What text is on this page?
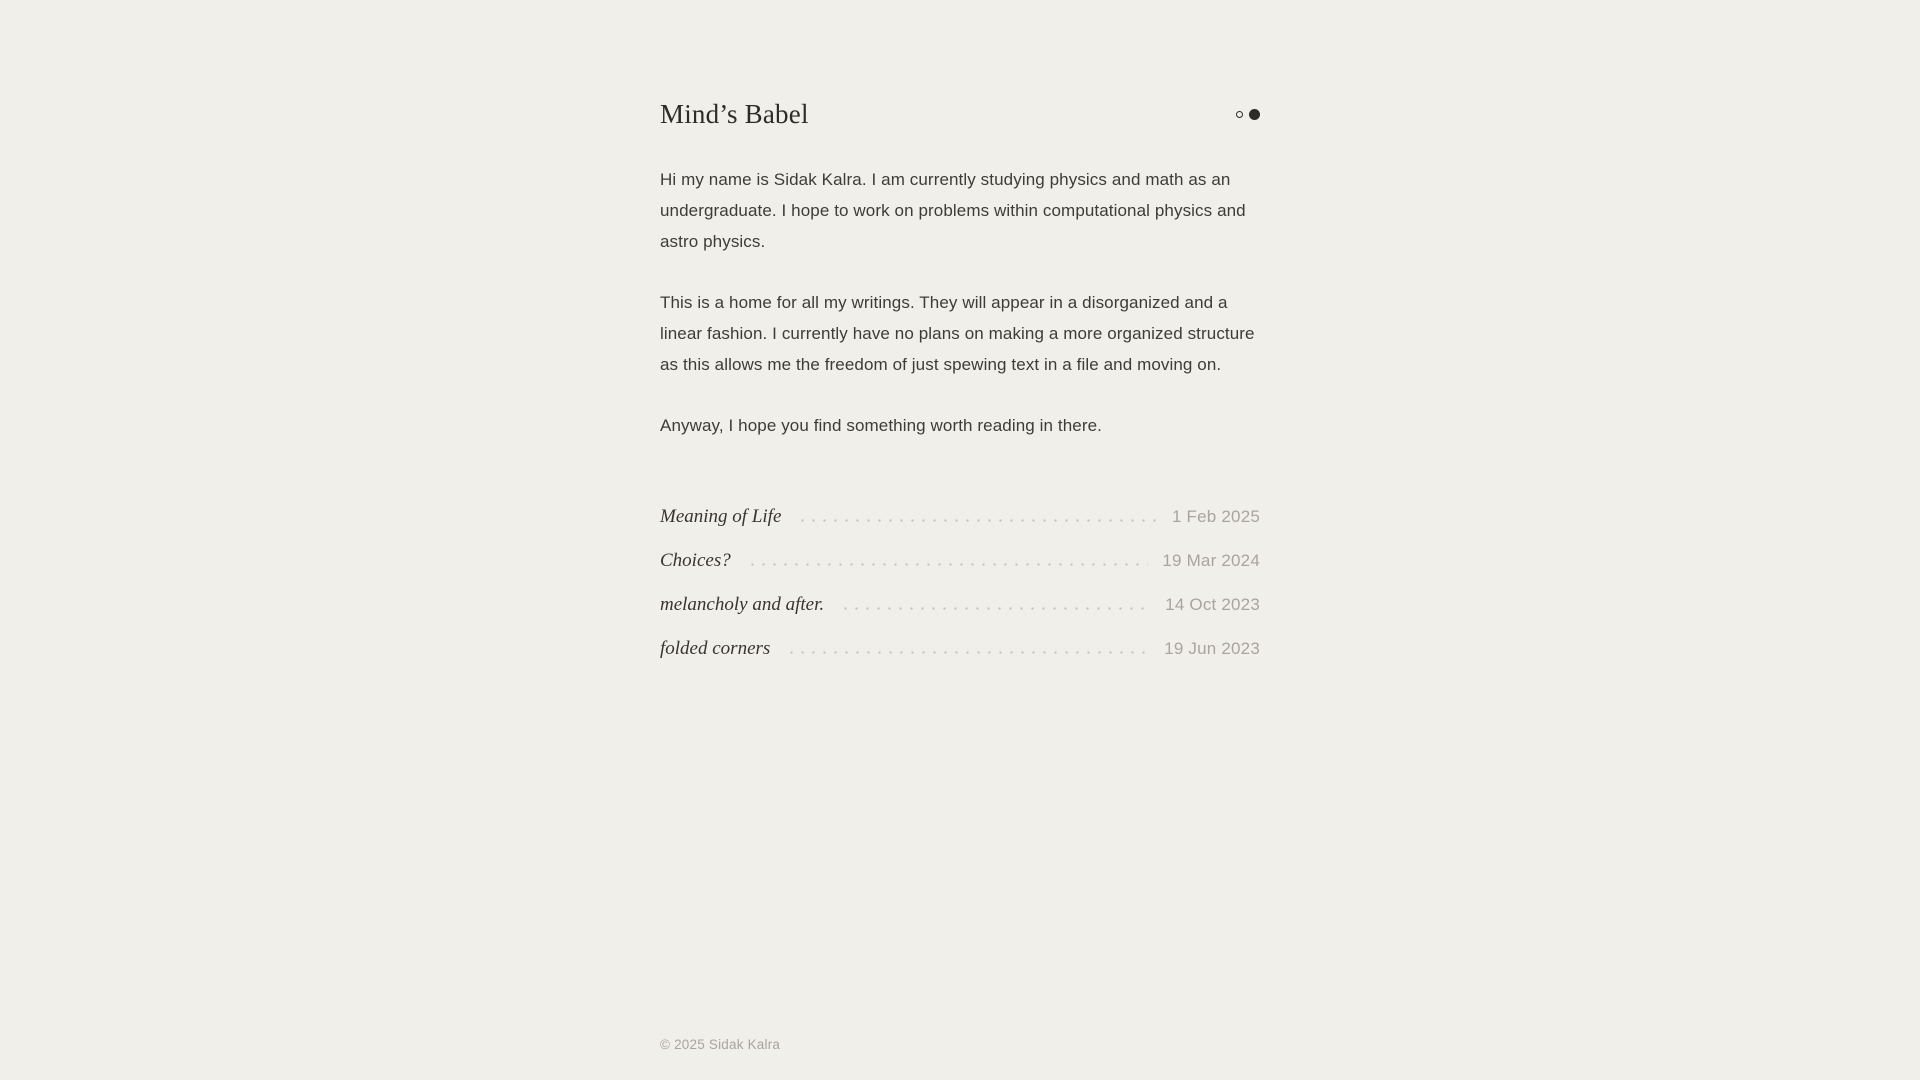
Mind’s Babel

Hi my name is Sidak Kalra. I am currently studying physics and math as an undergraduate. I hope to work on problems within computational physics and astro physics.

This is a home for all my writings. They will appear in a disorganized and a linear fashion. I currently have no plans on making a more organized structure as this allows me the freedom of just spewing text in a file and moving on.

Anyway, I hope you find something worth reading in there.

Meaning of Life	1 Feb 2025
Choices?	19 Mar 2024
melancholy and after.	14 Oct 2023
folded corners	19 Jun 2023
© 2025 Sidak Kalra
